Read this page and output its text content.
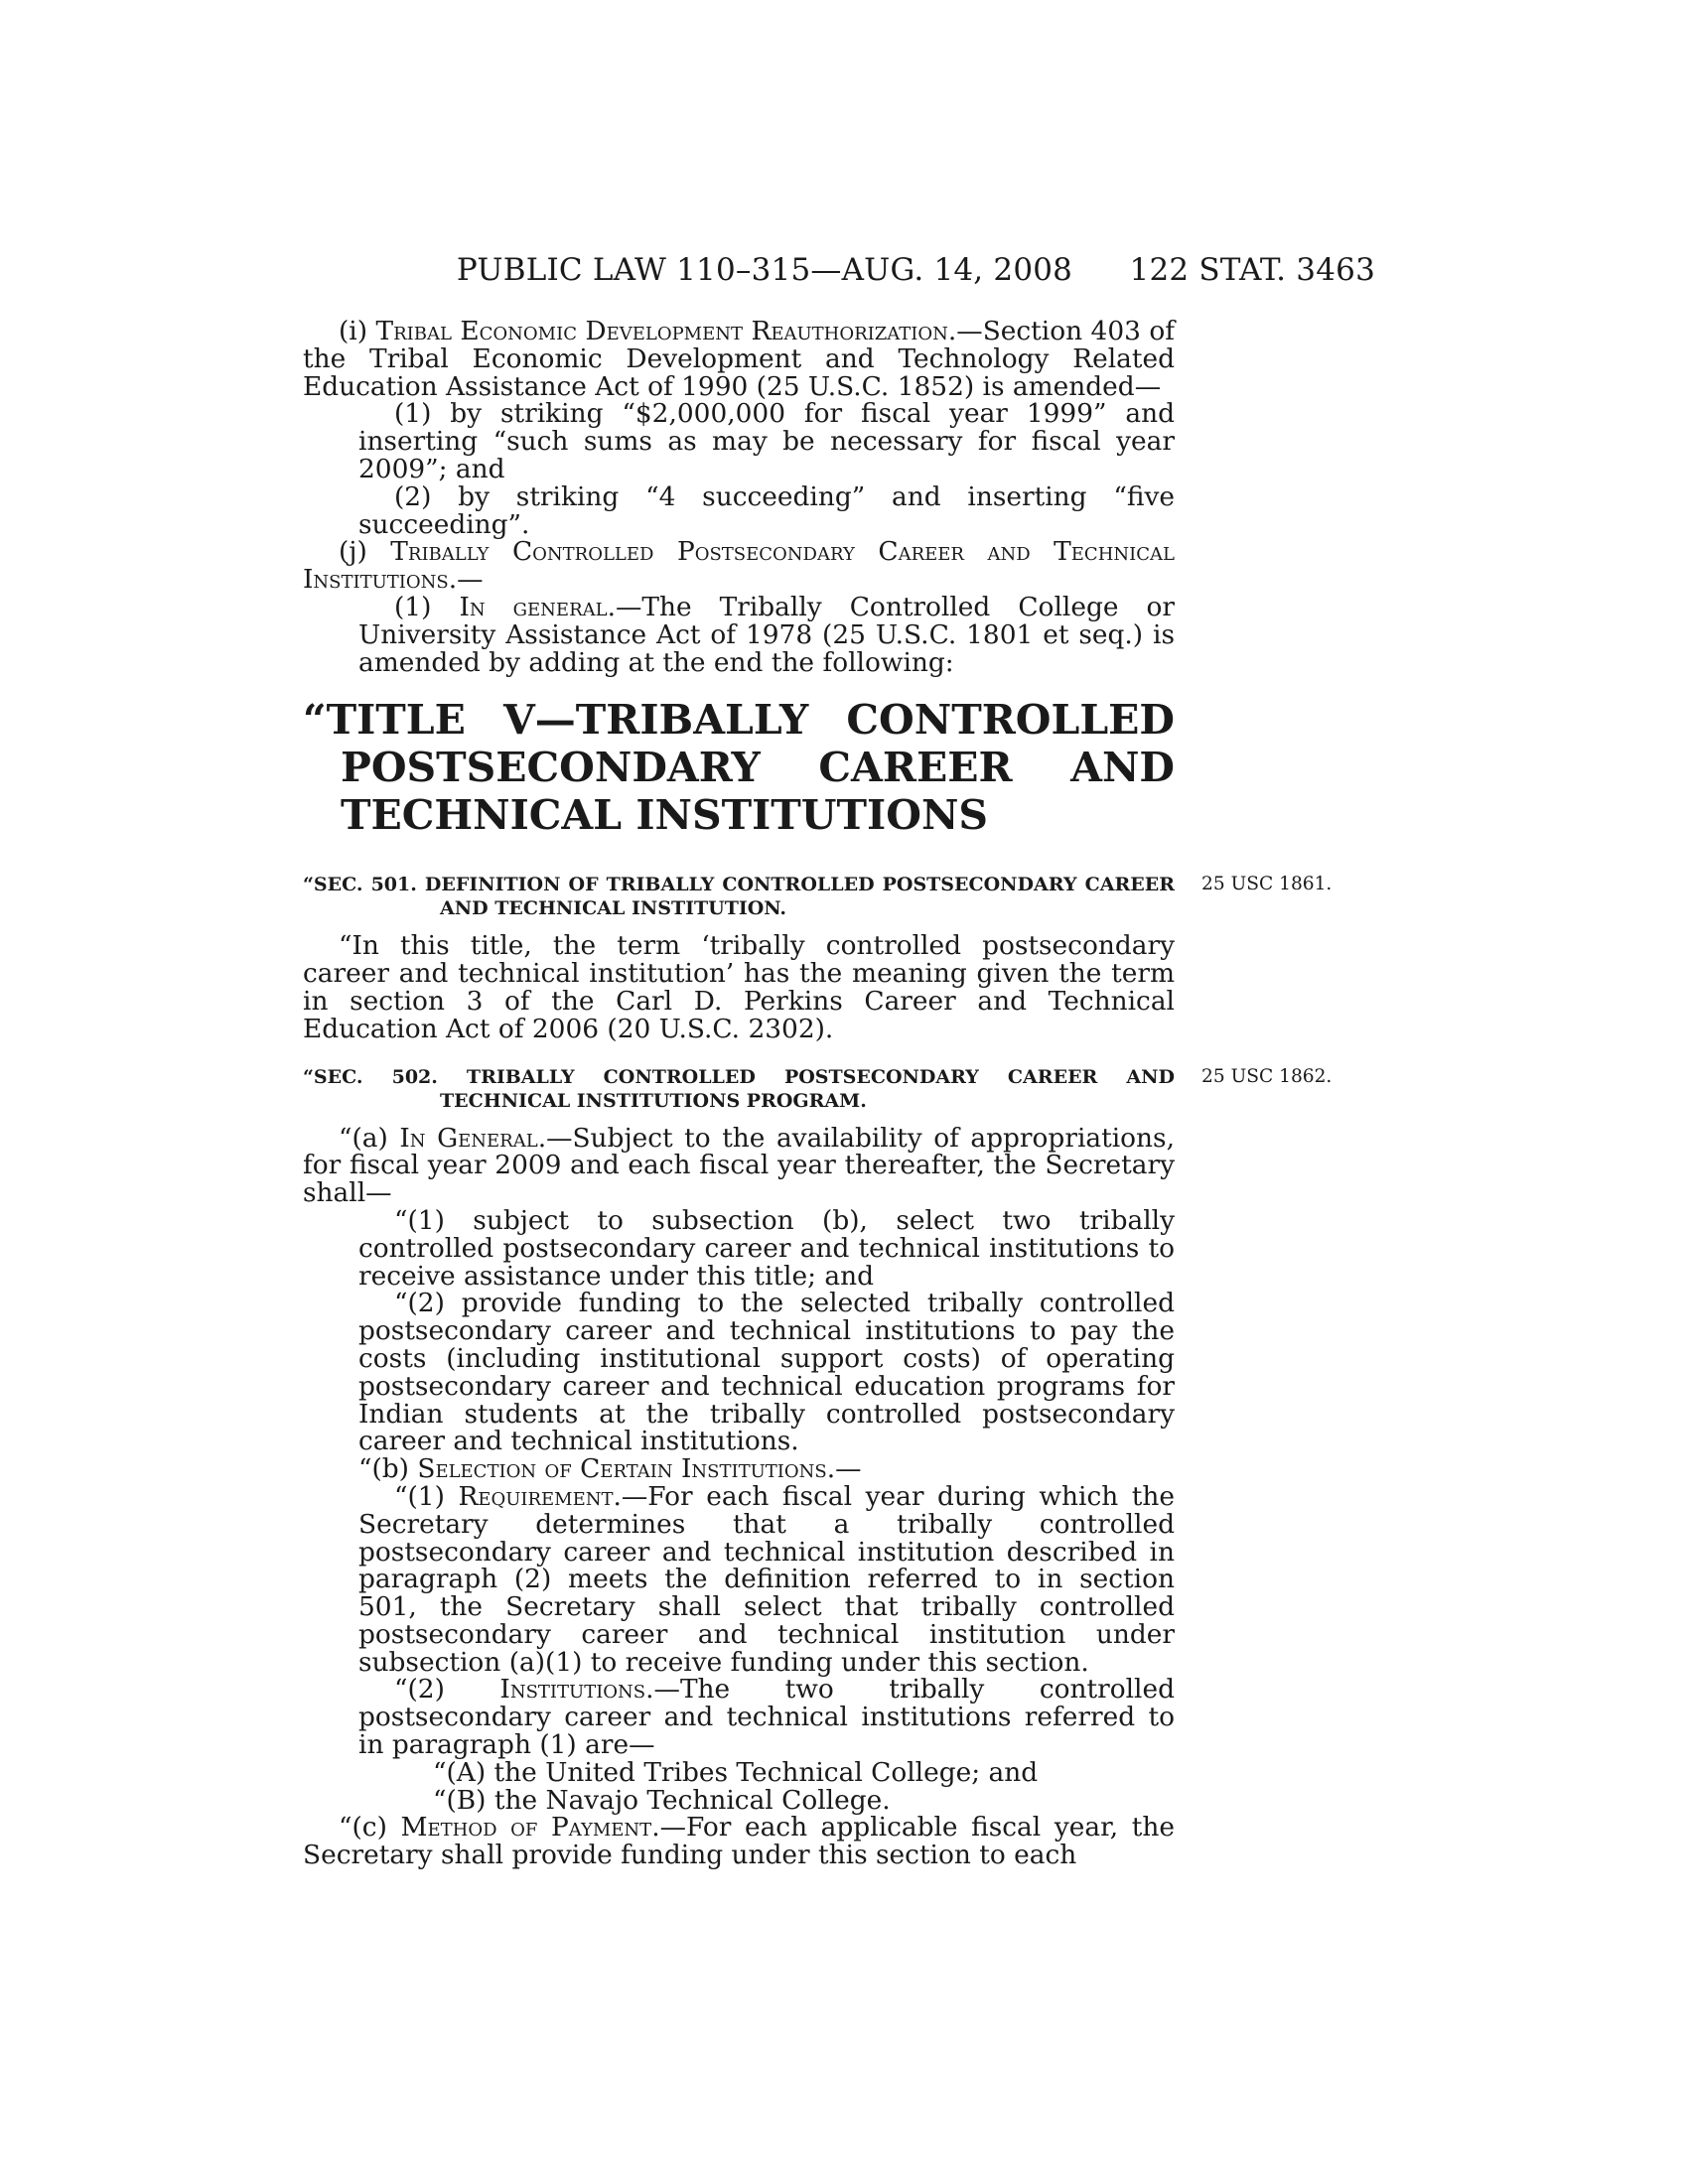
PUBLIC LAW 110–315—AUG. 14, 2008	122 STAT. 3463

(i) Tribal Economic Development Reauthorization.—Section 403 of the Tribal Economic Development and Technology Related Education Assistance Act of 1990 (25 U.S.C. 1852) is amended—

(1) by striking “$2,000,000 for fiscal year 1999” and inserting “such sums as may be necessary for fiscal year 2009”; and

(2) by striking “4 succeeding” and inserting “five succeeding”.

(j) Tribally Controlled Postsecondary Career and Technical Institutions.—

(1) In general.—The Tribally Controlled College or University Assistance Act of 1978 (25 U.S.C. 1801 et seq.) is amended by adding at the end the following:

“TITLE V—TRIBALLY CONTROLLED POSTSECONDARY CAREER AND TECHNICAL INSTITUTIONS
“SEC. 501. DEFINITION OF TRIBALLY CONTROLLED POSTSECONDARY CAREER AND TECHNICAL INSTITUTION.
25 USC 1861.

“In this title, the term ‘tribally controlled postsecondary career and technical institution’ has the meaning given the term in section 3 of the Carl D. Perkins Career and Technical Education Act of 2006 (20 U.S.C. 2302).

“SEC. 502. TRIBALLY CONTROLLED POSTSECONDARY CAREER AND TECHNICAL INSTITUTIONS PROGRAM.
25 USC 1862.

“(a) In General.—Subject to the availability of appropriations, for fiscal year 2009 and each fiscal year thereafter, the Secretary shall—

“(1) subject to subsection (b), select two tribally controlled postsecondary career and technical institutions to receive assistance under this title; and

“(2) provide funding to the selected tribally controlled postsecondary career and technical institutions to pay the costs (including institutional support costs) of operating postsecondary career and technical education programs for Indian students at the tribally controlled postsecondary career and technical institutions.

“(b) Selection of Certain Institutions.—

“(1) Requirement.—For each fiscal year during which the Secretary determines that a tribally controlled postsecondary career and technical institution described in paragraph (2) meets the definition referred to in section 501, the Secretary shall select that tribally controlled postsecondary career and technical institution under subsection (a)(1) to receive funding under this section.

“(2) Institutions.—The two tribally controlled postsecondary career and technical institutions referred to in paragraph (1) are—

“(A) the United Tribes Technical College; and

“(B) the Navajo Technical College.

“(c) Method of Payment.—For each applicable fiscal year, the Secretary shall provide funding under this section to each
